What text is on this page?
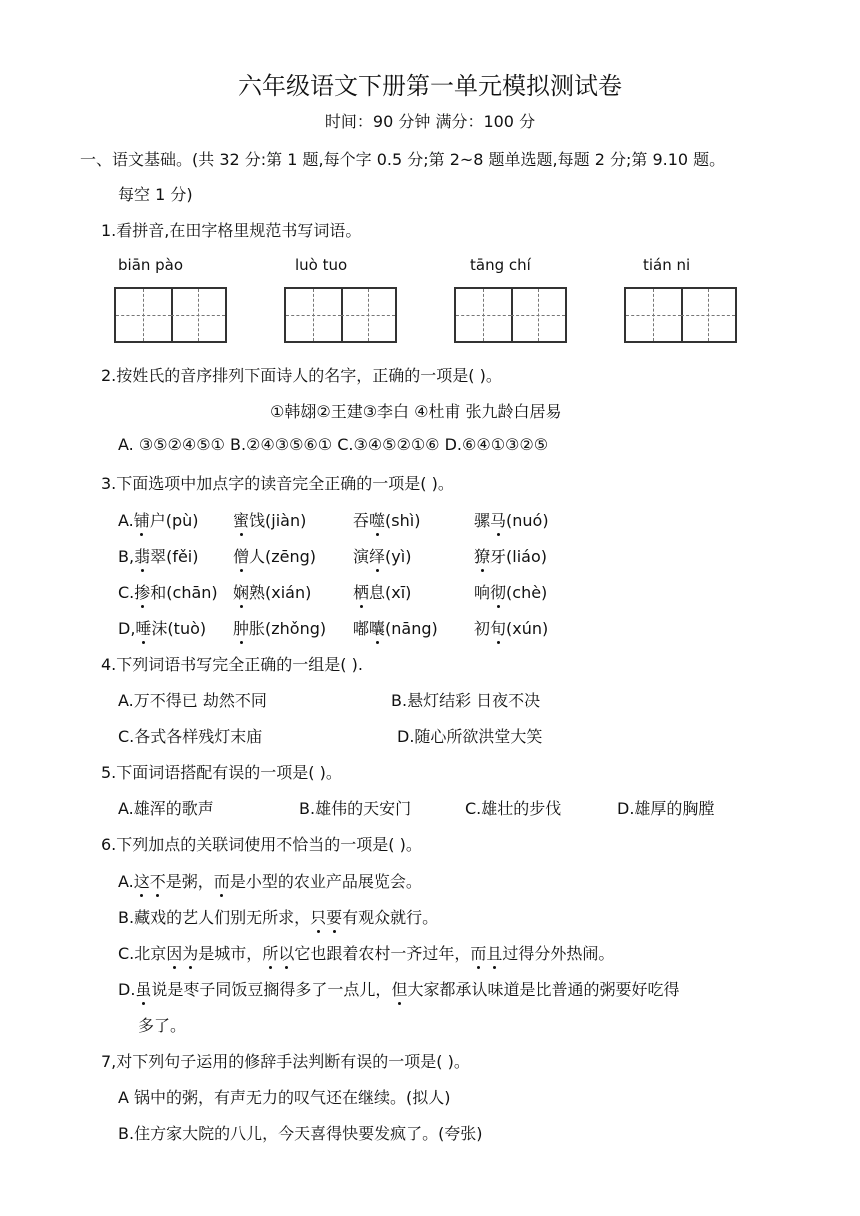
六年级语文下册第一单元模拟测试卷
时间：90 分钟 满分：100 分
一、语文基础。(共 32 分:第 1 题,每个字 0.5 分;第 2~8 题单选题,每题 2 分;第 9.10 题。
每空 1 分)
1.看拼音,在田字格里规范书写词语。
biān pào	luò tuo	tāng chí	tián ni
2.按姓氏的音序排列下面诗人的名字，正确的一项是( )。
①韩翃②王建③李白 ④杜甫 张九龄白居易
A. ③⑤②④⑤① B.②④③⑤⑥① C.③④⑤②①⑥ D.⑥④①③②⑤
3.下面选项中加点字的读音完全正确的一项是( )。
A.铺户(pù) 蜜饯(jiàn)	吞噬(shì)	骡马(nuó)
B,翡翠(fěi) 僧人(zēng) 演绎(yì)	獠牙(liáo)
C.掺和(chān) 娴熟(xián)	栖息(xī)	响彻(chè)
D,唾沫(tuò) 肿胀(zhǒng) 嘟囔(nāng) 初旬(xún)
4.下列词语书写完全正确的一组是( ).
A.万不得已 劫然不同	B.悬灯结彩 日夜不决
C.各式各样残灯末庙	D.随心所欲洪堂大笑
5.下面词语搭配有误的一项是( )。
A.雄浑的歌声	B.雄伟的天安门	C.雄壮的步伐	D.雄厚的胸膛
6.下列加点的关联词使用不恰当的一项是( )。
A.这不是粥，而是小型的农业产品展览会。
B.藏戏的艺人们别无所求，只要有观众就行。
C.北京因为是城市，所以它也跟着农村一齐过年，而且过得分外热闹。
D.虽说是枣子同饭豆搁得多了一点儿，但大家都承认味道是比普通的粥要好吃得
多了。
7,对下列句子运用的修辞手法判断有误的一项是( )。
A 锅中的粥，有声无力的叹气还在继续。(拟人)
B.住方家大院的八儿，今天喜得快要发疯了。(夸张)
